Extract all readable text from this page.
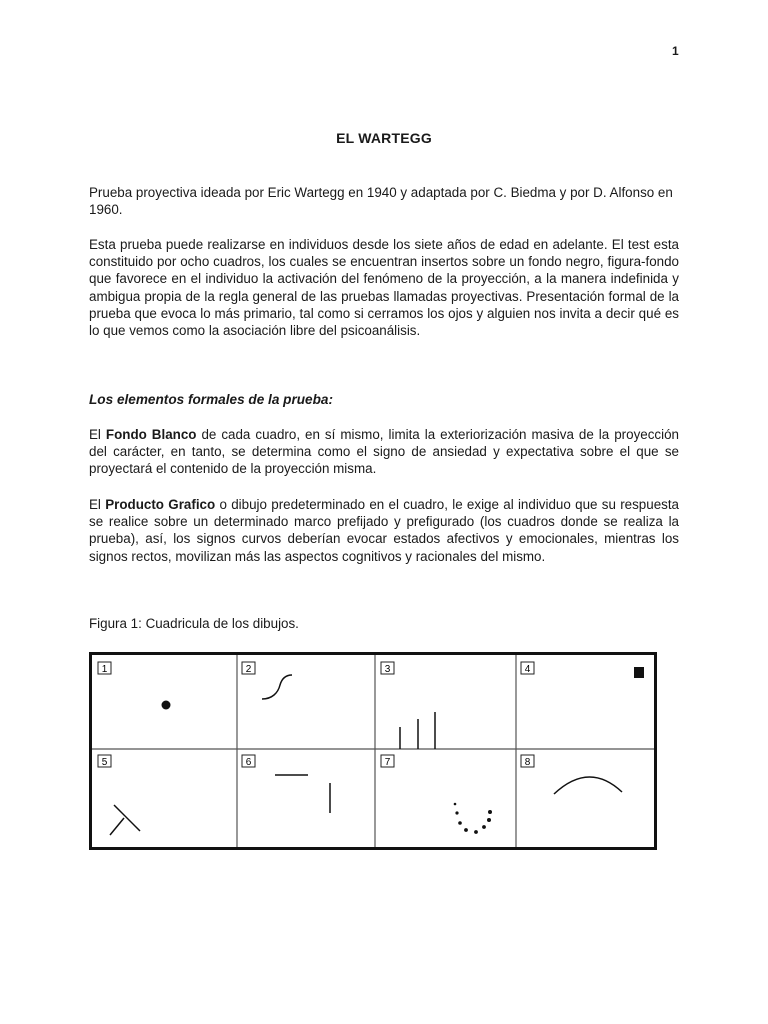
1
EL WARTEGG

Prueba proyectiva ideada por Eric Wartegg en 1940 y adaptada por C. Biedma y por D. Alfonso en 1960.

Esta prueba puede realizarse en individuos desde los siete años de edad en adelante. El test esta constituido por ocho cuadros, los cuales se encuentran insertos sobre un fondo negro, figura-fondo que favorece en el individuo la activación del fenómeno de la proyección, a la manera indefinida y ambigua propia de la regla general de las pruebas llamadas proyectivas. Presentación formal de la prueba que evoca lo más primario, tal como si cerramos los ojos y alguien nos invita a decir qué es lo que vemos como la asociación libre del psicoanálisis.

Los elementos formales de la prueba:

El Fondo Blanco de cada cuadro, en sí mismo, limita la exteriorización masiva de la proyección del carácter, en tanto, se determina como el signo de ansiedad y expectativa sobre el que se proyectará el contenido de la proyección misma.

El Producto Grafico o dibujo predeterminado en el cuadro, le exige al individuo que su respuesta se realice sobre un determinado marco prefijado y prefigurado (los cuadros donde se realiza la prueba), así, los signos curvos deberían evocar estados afectivos y emocionales, mientras los signos rectos, movilizan más las aspectos cognitivos y racionales del mismo.

Figura 1: Cuadricula de los dibujos.

1	2	3	4
5	6	7	8
